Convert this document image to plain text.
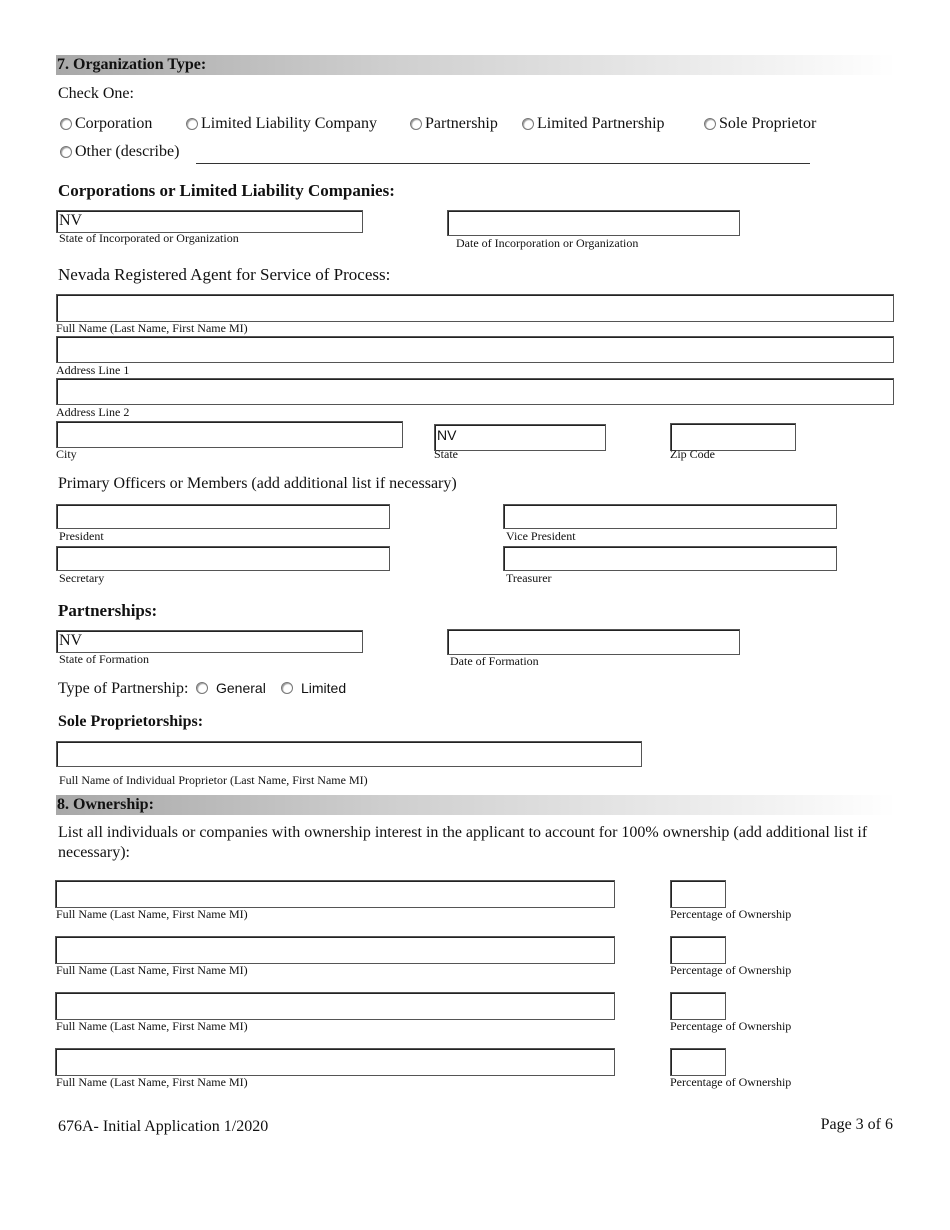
7. Organization Type:
Check One:
Corporation	Limited Liability Company	Partnership Limited Partnership	Sole Proprietor
Other (describe)
Corporations or Limited Liability Companies:
NV
State of Incorporated or Organization	Date of Incorporation or Organization
Nevada Registered Agent for Service of Process:
Full Name (Last Name, First Name MI)
Address Line 1
Address Line 2
City
NV
State	Zip Code
Primary Officers or Members (add additional list if necessary)
President	Vice President
Secretary	Treasurer
Partnerships:
NV
State of Formation	Date of Formation
Type of Partnership: General	Limited
Sole Proprietorships:
Full Name of Individual Proprietor (Last Name, First Name MI)
8. Ownership:
List all individuals or companies with ownership interest in the applicant to account for 100% ownership (add additional list if necessary):
Full Name (Last Name, First Name MI)	Percentage of Ownership
Full Name (Last Name, First Name MI)	Percentage of Ownership
Full Name (Last Name, First Name MI)	Percentage of Ownership
Full Name (Last Name, First Name MI)	Percentage of Ownership
676A- Initial Application 1/2020	Page 3 of 6
